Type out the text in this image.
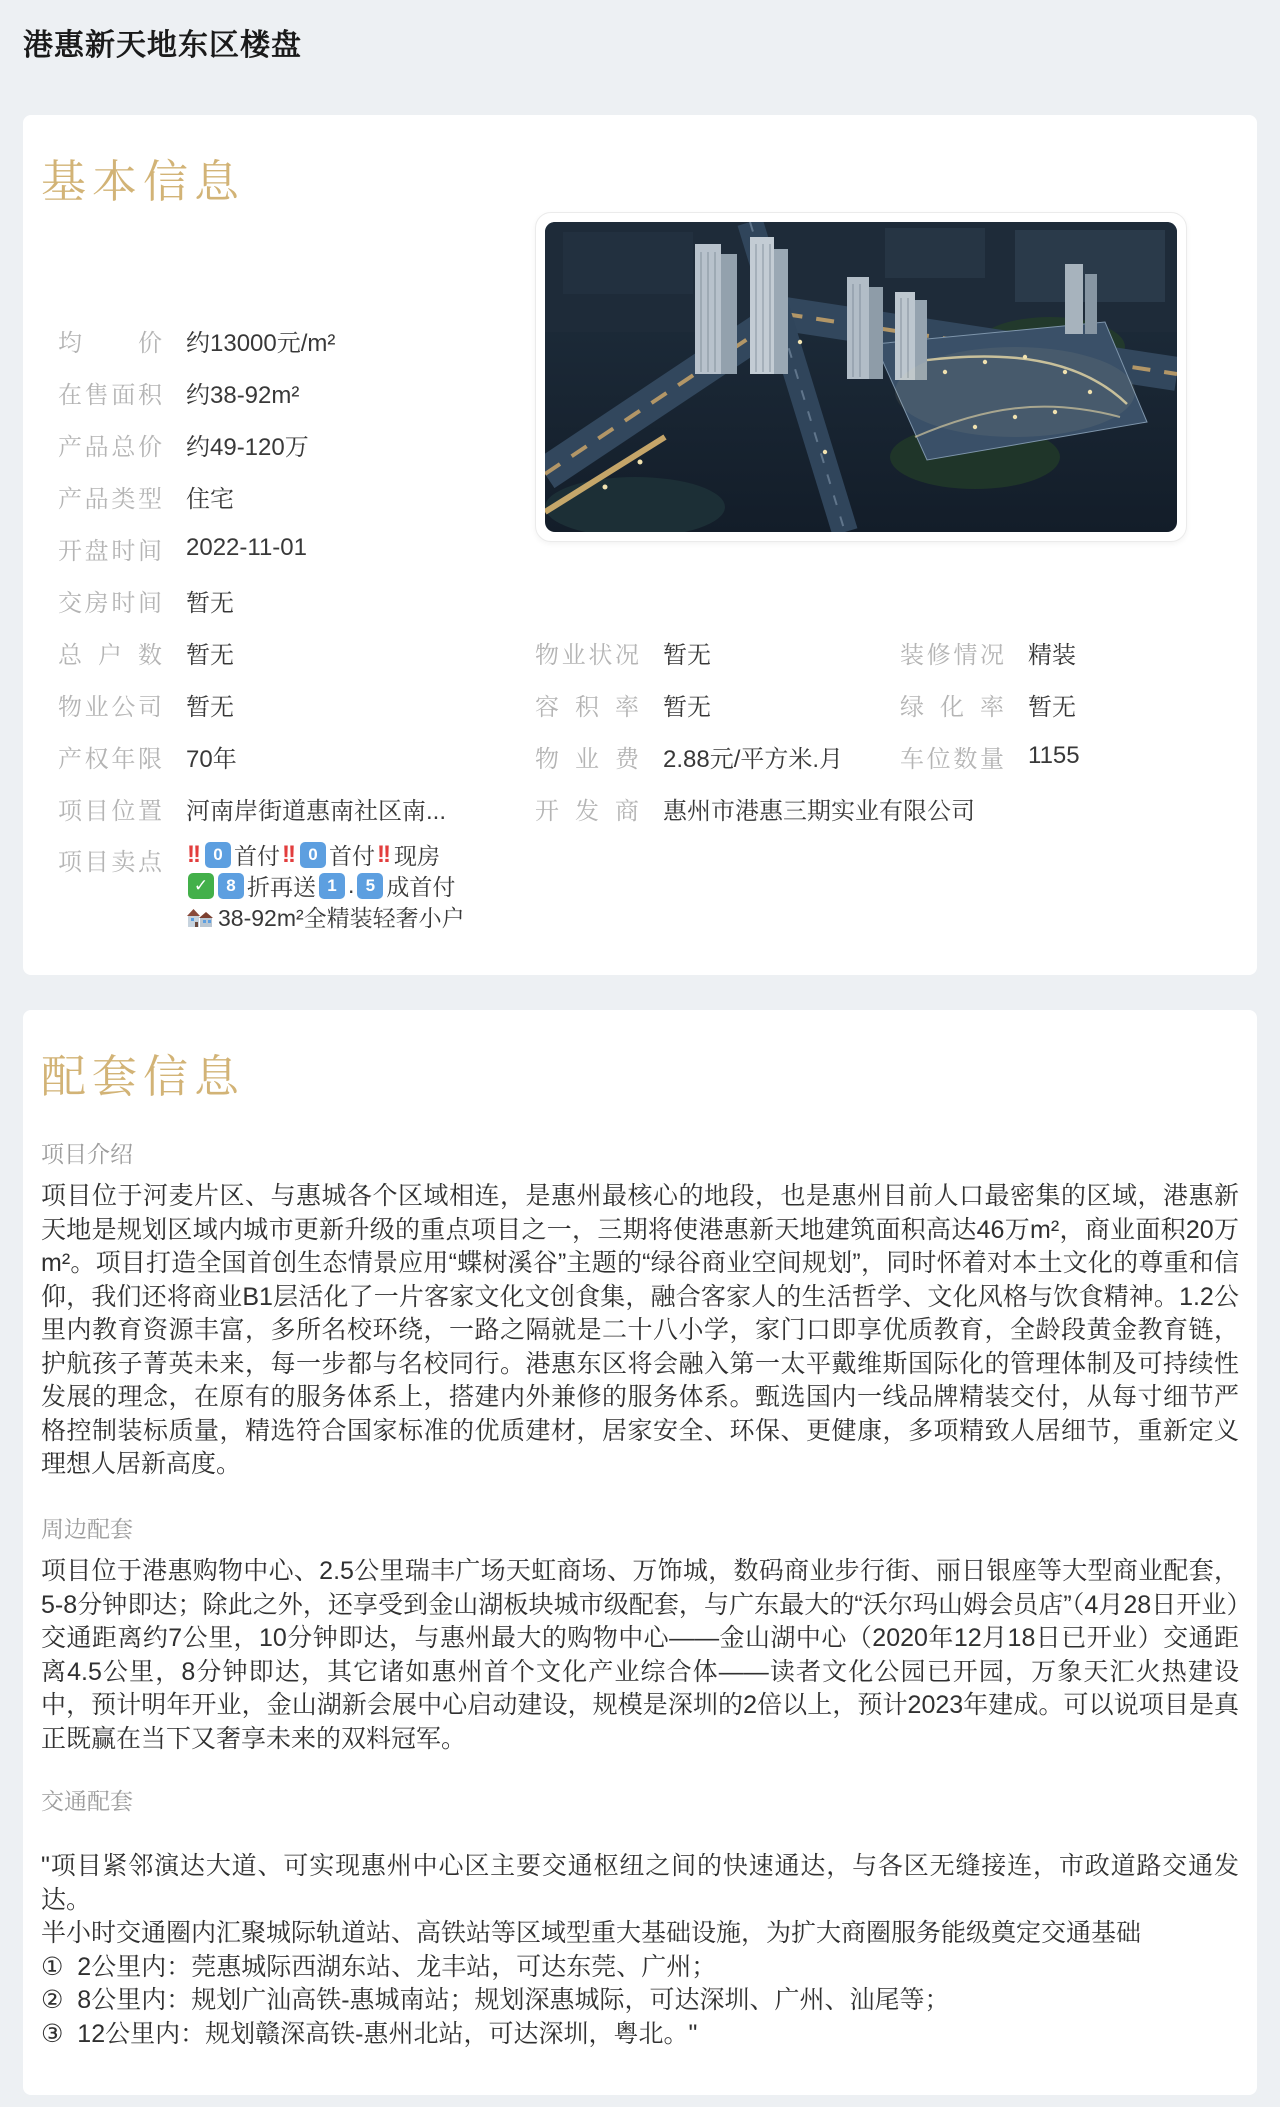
港惠新天地东区楼盘
基本信息
均价 约13000元/m²
在售面积 约38-92m²
产品总价 约49-120万
产品类型 住宅
开盘时间 2022-11-01
交房时间 暂无
总户数 暂无
物业公司 暂无
产权年限 70年
项目位置 河南岸街道惠南社区南...
项目卖点 !! 0 首付 !! 0 首付 !! 现房
✓	8 折再送 1 . 5 成首付
38-92m²全精装轻奢小户
物业状况 暂无
容积率 暂无
物业费 2.88元/平方米.月
开发商 惠州市港惠三期实业有限公司
装修情况 精装
绿化率 暂无
车位数量 1155
配套信息
项目介绍
项目位于河麦片区、与惠城各个区域相连，是惠州最核心的地段，也是惠州目前人口最密集的区域，港惠新天地是规划区域内城市更新升级的重点项目之一，三期将使港惠新天地建筑面积高达46万m²，商业面积20万m²。项目打造全国首创生态情景应用“蝶树溪谷”主题的“绿谷商业空间规划”，同时怀着对本土文化的尊重和信仰，我们还将商业B1层活化了一片客家文化文创食集，融合客家人的生活哲学、文化风格与饮食精神。1.2公里内教育资源丰富，多所名校环绕，一路之隔就是二十八小学，家门口即享优质教育，全龄段黄金教育链，护航孩子菁英未来，每一步都与名校同行。港惠东区将会融入第一太平戴维斯国际化的管理体制及可持续性发展的理念，在原有的服务体系上，搭建内外兼修的服务体系。甄选国内一线品牌精装交付，从每寸细节严格控制装标质量，精选符合国家标准的优质建材，居家安全、环保、更健康，多项精致人居细节，重新定义理想人居新高度。
周边配套
项目位于港惠购物中心、2.5公里瑞丰广场天虹商场、万饰城，数码商业步行街、丽日银座等大型商业配套，5-8分钟即达；除此之外，还享受到金山湖板块城市级配套，与广东最大的“沃尔玛山姆会员店”（4月28日开业）交通距离约7公里，10分钟即达，与惠州最大的购物中心——金山湖中心（2020年12月18日已开业）交通距离4.5公里，8分钟即达，其它诸如惠州首个文化产业综合体——读者文化公园已开园，万象天汇火热建设中，预计明年开业，金山湖新会展中心启动建设，规模是深圳的2倍以上，预计2023年建成。可以说项目是真正既赢在当下又奢享未来的双料冠军。
交通配套
"项目紧邻演达大道、可实现惠州中心区主要交通枢纽之间的快速通达，与各区无缝接连，市政道路交通发达。
半小时交通圈内汇聚城际轨道站、高铁站等区域型重大基础设施，为扩大商圈服务能级奠定交通基础
①  2公里内：莞惠城际西湖东站、龙丰站，可达东莞、广州；
②  8公里内：规划广汕高铁-惠城南站；规划深惠城际，可达深圳、广州、汕尾等；
③  12公里内：规划赣深高铁-惠州北站，可达深圳，粤北。"
